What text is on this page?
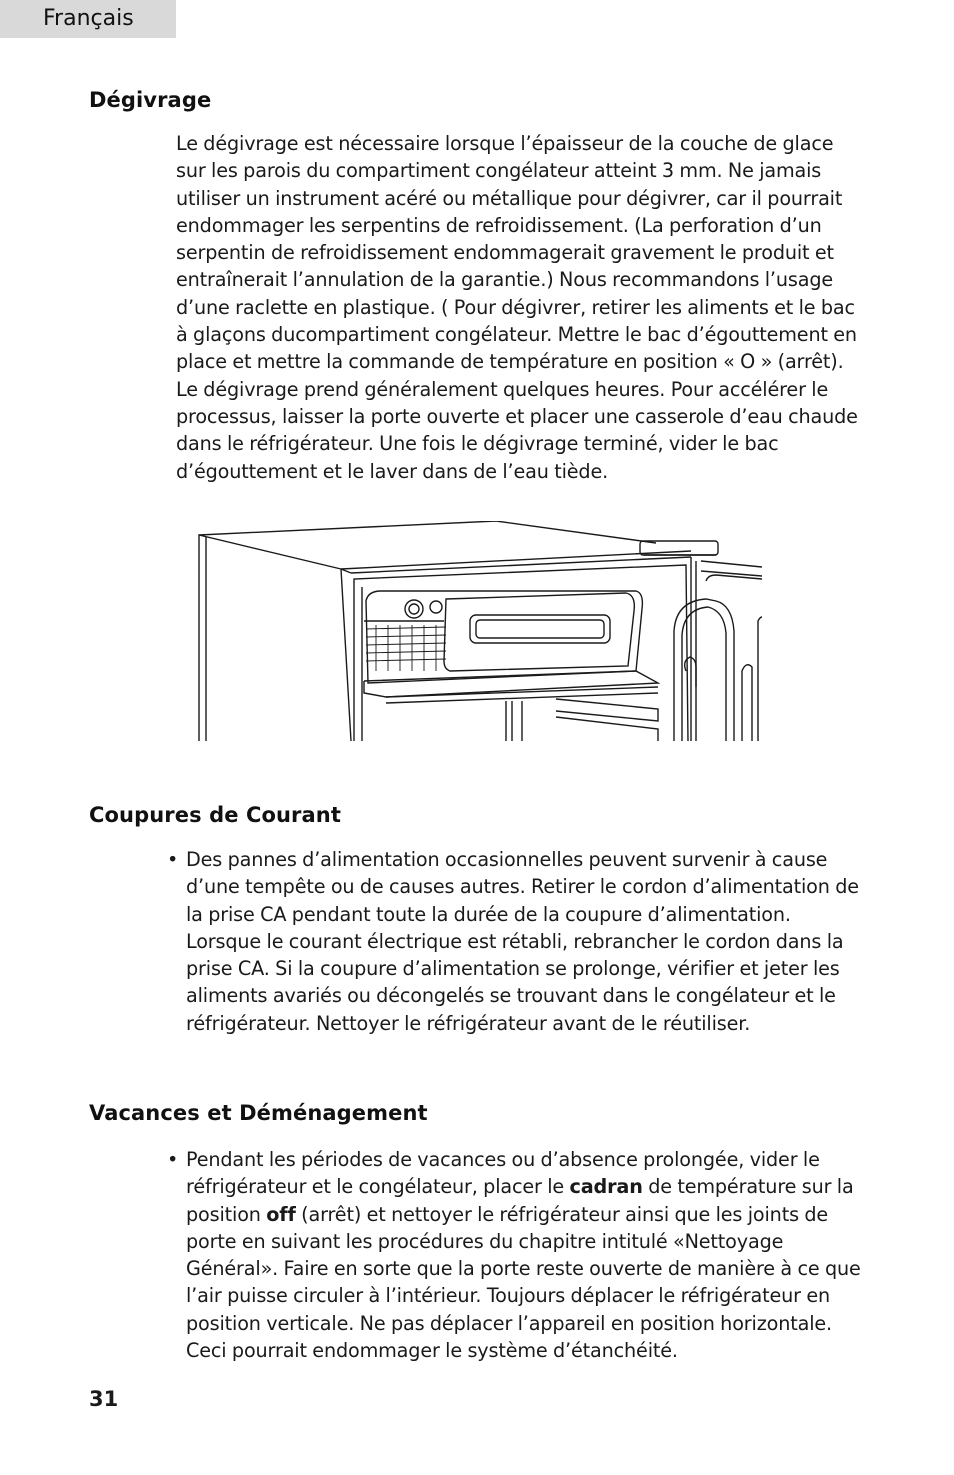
Français
Dégivrage

Le dégivrage est nécessaire lorsque l’épaisseur de la couche de glace sur les parois du compartiment congélateur atteint 3 mm. Ne jamais utiliser un instrument acéré ou métallique pour dégivrer, car il pourrait endommager les serpentins de refroidissement. (La perforation d’un serpentin de refroidissement endommagerait gravement le produit et entraînerait l’annulation de la garantie.) Nous recommandons l’usage d’une raclette en plastique. ( Pour dégivrer, retirer les aliments et le bac à glaçons ducompartiment congélateur. Mettre le bac d’égouttement en place et mettre la commande de température en position « O » (arrêt). Le dégivrage prend généralement quelques heures. Pour accélérer le processus, laisser la porte ouverte et placer une casserole d’eau chaude dans le réfrigérateur. Une fois le dégivrage terminé, vider le bac d’égouttement et le laver dans de l’eau tiède.

Coupures de Courant
• Des pannes d’alimentation occasionnelles peuvent survenir à cause d’une tempête ou de causes autres. Retirer le cordon d’alimentation de la prise CA pendant toute la durée de la coupure d’alimentation. Lorsque le courant électrique est rétabli, rebrancher le cordon dans la prise CA. Si la coupure d’alimentation se prolonge, vérifier et jeter les aliments avariés ou décongelés se trouvant dans le congélateur et le réfrigérateur. Nettoyer le réfrigérateur avant de le réutiliser.
Vacances et Déménagement
• Pendant les périodes de vacances ou d’absence prolongée, vider le réfrigérateur et le congélateur, placer le cadran de température sur la position off (arrêt) et nettoyer le réfrigérateur ainsi que les joints de porte en suivant les procédures du chapitre intitulé «Nettoyage Général». Faire en sorte que la porte reste ouverte de manière à ce que l’air puisse circuler à l’intérieur. Toujours déplacer le réfrigérateur en position verticale. Ne pas déplacer l’appareil en position horizontale. Ceci pourrait endommager le système d’étanchéité.
31
